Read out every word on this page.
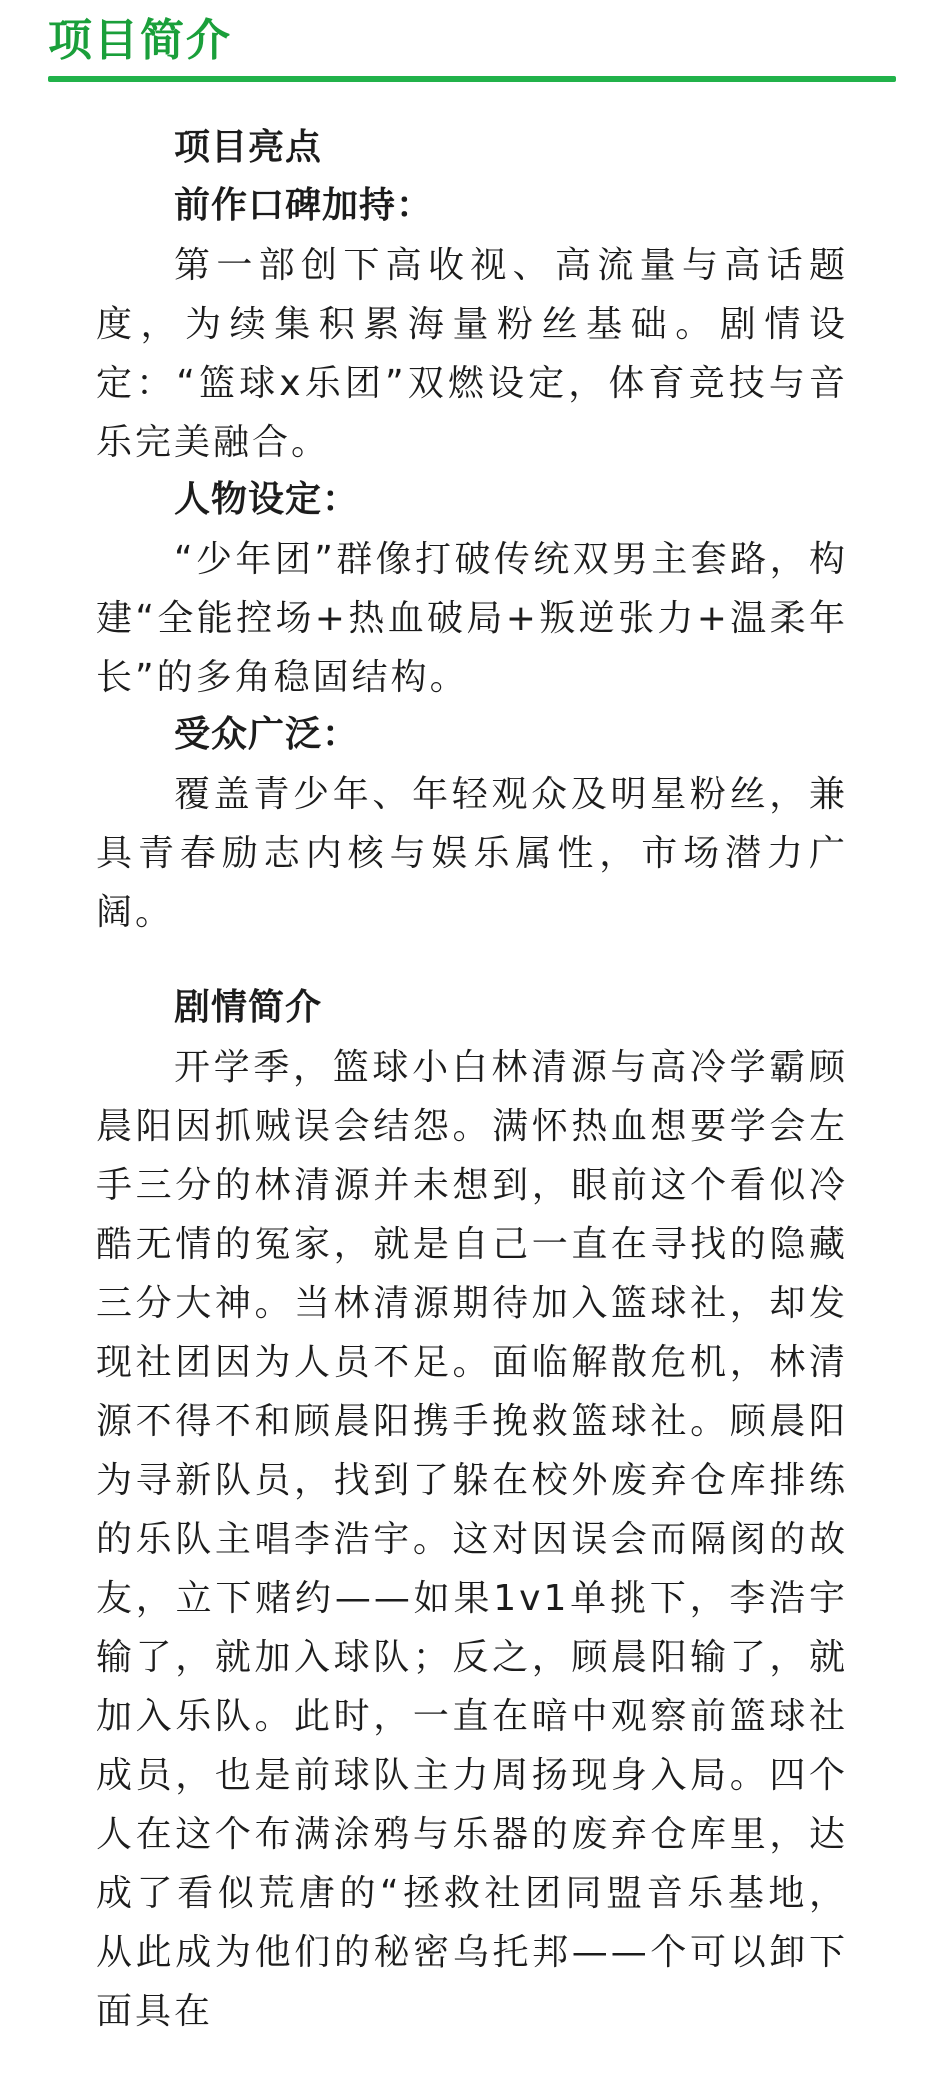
项目简介
项目亮点
前作口碑加持：

第一部创下高收视、高流量与高话题度，为续集积累海量粉丝基础。剧情设定：“篮球x乐团”双燃设定，体育竞技与音乐完美融合。

人物设定：

“少年团”群像打破传统双男主套路，构建“全能控场+热血破局+叛逆张力+温柔年长”的多角稳固结构。

受众广泛：

覆盖青少年、年轻观众及明星粉丝，兼具青春励志内核与娱乐属性，市场潜力广阔。

剧情简介

开学季，篮球小白林清源与高冷学霸顾晨阳因抓贼误会结怨。满怀热血想要学会左手三分的林清源并未想到，眼前这个看似冷酷无情的冤家，就是自己一直在寻找的隐藏三分大神。当林清源期待加入篮球社，却发现社团因为人员不足。面临解散危机，林清源不得不和顾晨阳携手挽救篮球社。顾晨阳为寻新队员，找到了躲在校外废弃仓库排练的乐队主唱李浩宇。这对因误会而隔阂的故友，立下赌约——如果1v1单挑下，李浩宇输了，就加入球队；反之，顾晨阳输了，就加入乐队。此时，一直在暗中观察前篮球社成员，也是前球队主力周扬现身入局。四个人在这个布满涂鸦与乐器的废弃仓库里，达成了看似荒唐的“拯救社团同盟音乐基地，从此成为他们的秘密乌托邦——个可以卸下面具在
